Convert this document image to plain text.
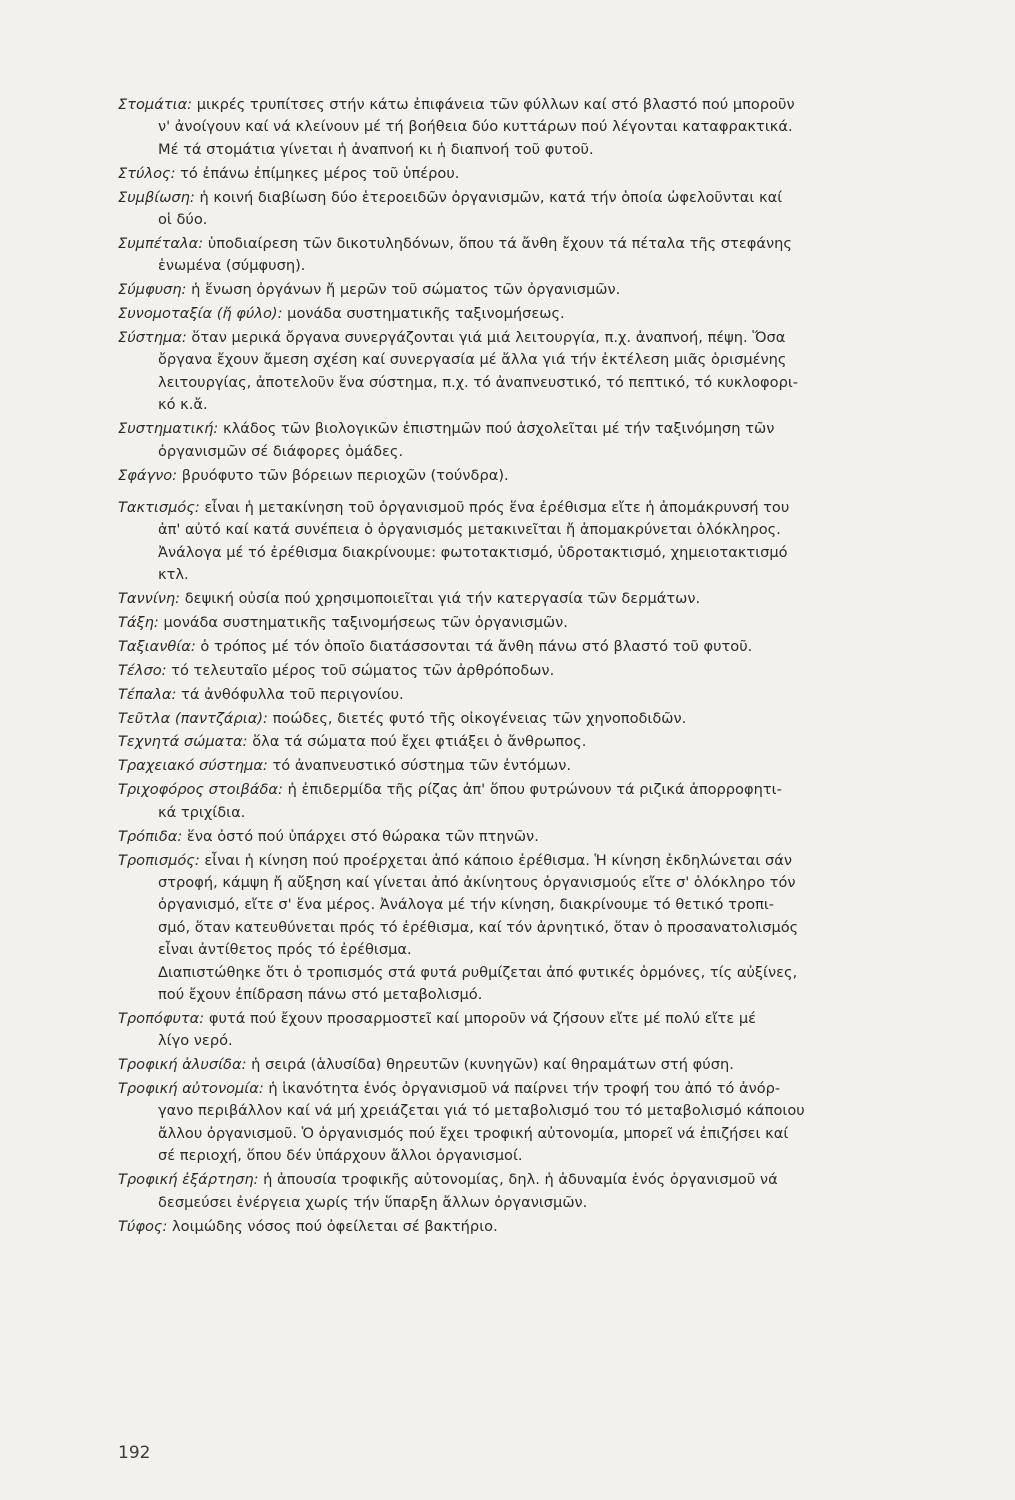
Στομάτια: μικρές τρυπίτσες στήν κάτω ἐπιφάνεια τῶν φύλλων καί στό βλαστό πού μποροῦν
ν' ἀνοίγουν καί νά κλείνουν μέ τή βοήθεια δύο κυττάρων πού λέγονται καταφρακτικά.
Μέ τά στομάτια γίνεται ἡ ἀναπνοή κι ἡ διαπνοή τοῦ φυτοῦ.
Στύλος: τό ἐπάνω ἐπίμηκες μέρος τοῦ ὑπέρου.
Συμβίωση: ἡ κοινή διαβίωση δύο ἑτεροειδῶν ὀργανισμῶν, κατά τήν ὁποία ὠφελοῦνται καί
οἱ δύο.
Συμπέταλα: ὑποδιαίρεση τῶν δικοτυληδόνων, ὅπου τά ἄνθη ἔχουν τά πέταλα τῆς στεφάνης
ἑνωμένα (σύμφυση).
Σύμφυση: ἡ ἕνωση ὀργάνων ἤ μερῶν τοῦ σώματος τῶν ὀργανισμῶν.
Συνομοταξία (ἤ φύλο): μονάδα συστηματικῆς ταξινομήσεως.
Σύστημα: ὅταν μερικά ὄργανα συνεργάζονται γιά μιά λειτουργία, π.χ. ἀναπνοή, πέψη. Ὅσα
ὄργανα ἔχουν ἄμεση σχέση καί συνεργασία μέ ἄλλα γιά τήν ἐκτέλεση μιᾶς ὁρισμένης
λειτουργίας, ἀποτελοῦν ἕνα σύστημα, π.χ. τό ἀναπνευστικό, τό πεπτικό, τό κυκλοφορι-
κό κ.ἄ.
Συστηματική: κλάδος τῶν βιολογικῶν ἐπιστημῶν πού ἀσχολεῖται μέ τήν ταξινόμηση τῶν
ὀργανισμῶν σέ διάφορες ὁμάδες.
Σφάγνο: βρυόφυτο τῶν βόρειων περιοχῶν (τούνδρα).
Τακτισμός: εἶναι ἡ μετακίνηση τοῦ ὀργανισμοῦ πρός ἕνα ἐρέθισμα εἴτε ἡ ἀπομάκρυνσή του
ἀπ' αὐτό καί κατά συνέπεια ὁ ὀργανισμός μετακινεῖται ἤ ἀπομακρύνεται ὁλόκληρος.
Ἀνάλογα μέ τό ἐρέθισμα διακρίνουμε: φωτοτακτισμό, ὑδροτακτισμό, χημειοτακτισμό
κτλ.
Ταννίνη: δεψική οὐσία πού χρησιμοποιεῖται γιά τήν κατεργασία τῶν δερμάτων.
Τάξη: μονάδα συστηματικῆς ταξινομήσεως τῶν ὀργανισμῶν.
Ταξιανθία: ὁ τρόπος μέ τόν ὁποῖο διατάσσονται τά ἄνθη πάνω στό βλαστό τοῦ φυτοῦ.
Τέλσο: τό τελευταῖο μέρος τοῦ σώματος τῶν ἀρθρόποδων.
Τέπαλα: τά ἀνθόφυλλα τοῦ περιγονίου.
Τεῦτλα (παντζάρια): ποώδες, διετές φυτό τῆς οἰκογένειας τῶν χηνοποδιδῶν.
Τεχνητά σώματα: ὅλα τά σώματα πού ἔχει φτιάξει ὁ ἄνθρωπος.
Τραχειακό σύστημα: τό ἀναπνευστικό σύστημα τῶν ἐντόμων.
Τριχοφόρος στοιβάδα: ἡ ἐπιδερμίδα τῆς ρίζας ἀπ' ὅπου φυτρώνουν τά ριζικά ἀπορροφητι-
κά τριχίδια.
Τρόπιδα: ἕνα ὀστό πού ὑπάρχει στό θώρακα τῶν πτηνῶν.
Τροπισμός: εἶναι ἡ κίνηση πού προέρχεται ἀπό κάποιο ἐρέθισμα. Ἡ κίνηση ἐκδηλώνεται σάν
στροφή, κάμψη ἤ αὔξηση καί γίνεται ἀπό ἀκίνητους ὀργανισμούς εἴτε σ' ὁλόκληρο τόν
ὀργανισμό, εἴτε σ' ἕνα μέρος. Ἀνάλογα μέ τήν κίνηση, διακρίνουμε τό θετικό τροπι-
σμό, ὅταν κατευθύνεται πρός τό ἐρέθισμα, καί τόν ἀρνητικό, ὅταν ὁ προσανατολισμός
εἶναι ἀντίθετος πρός τό ἐρέθισμα.
Διαπιστώθηκε ὅτι ὁ τροπισμός στά φυτά ρυθμίζεται ἀπό φυτικές ὁρμόνες, τίς αὐξίνες,
πού ἔχουν ἐπίδραση πάνω στό μεταβολισμό.
Τροπόφυτα: φυτά πού ἔχουν προσαρμοστεῖ καί μποροῦν νά ζήσουν εἴτε μέ πολύ εἴτε μέ
λίγο νερό.
Τροφική ἁλυσίδα: ἡ σειρά (ἁλυσίδα) θηρευτῶν (κυνηγῶν) καί θηραμάτων στή φύση.
Τροφική αὐτονομία: ἡ ἱκανότητα ἑνός ὀργανισμοῦ νά παίρνει τήν τροφή του ἀπό τό ἀνόρ-
γανο περιβάλλον καί νά μή χρειάζεται γιά τό μεταβολισμό του τό μεταβολισμό κάποιου
ἄλλου ὀργανισμοῦ. Ὁ ὀργανισμός πού ἔχει τροφική αὐτονομία, μπορεῖ νά ἐπιζήσει καί
σέ περιοχή, ὅπου δέν ὑπάρχουν ἄλλοι ὀργανισμοί.
Τροφική ἐξάρτηση: ἡ ἀπουσία τροφικῆς αὐτονομίας, δηλ. ἡ ἀδυναμία ἑνός ὀργανισμοῦ νά
δεσμεύσει ἐνέργεια χωρίς τήν ὕπαρξη ἄλλων ὀργανισμῶν.
Τύφος: λοιμώδης νόσος πού ὀφείλεται σέ βακτήριο.
192
